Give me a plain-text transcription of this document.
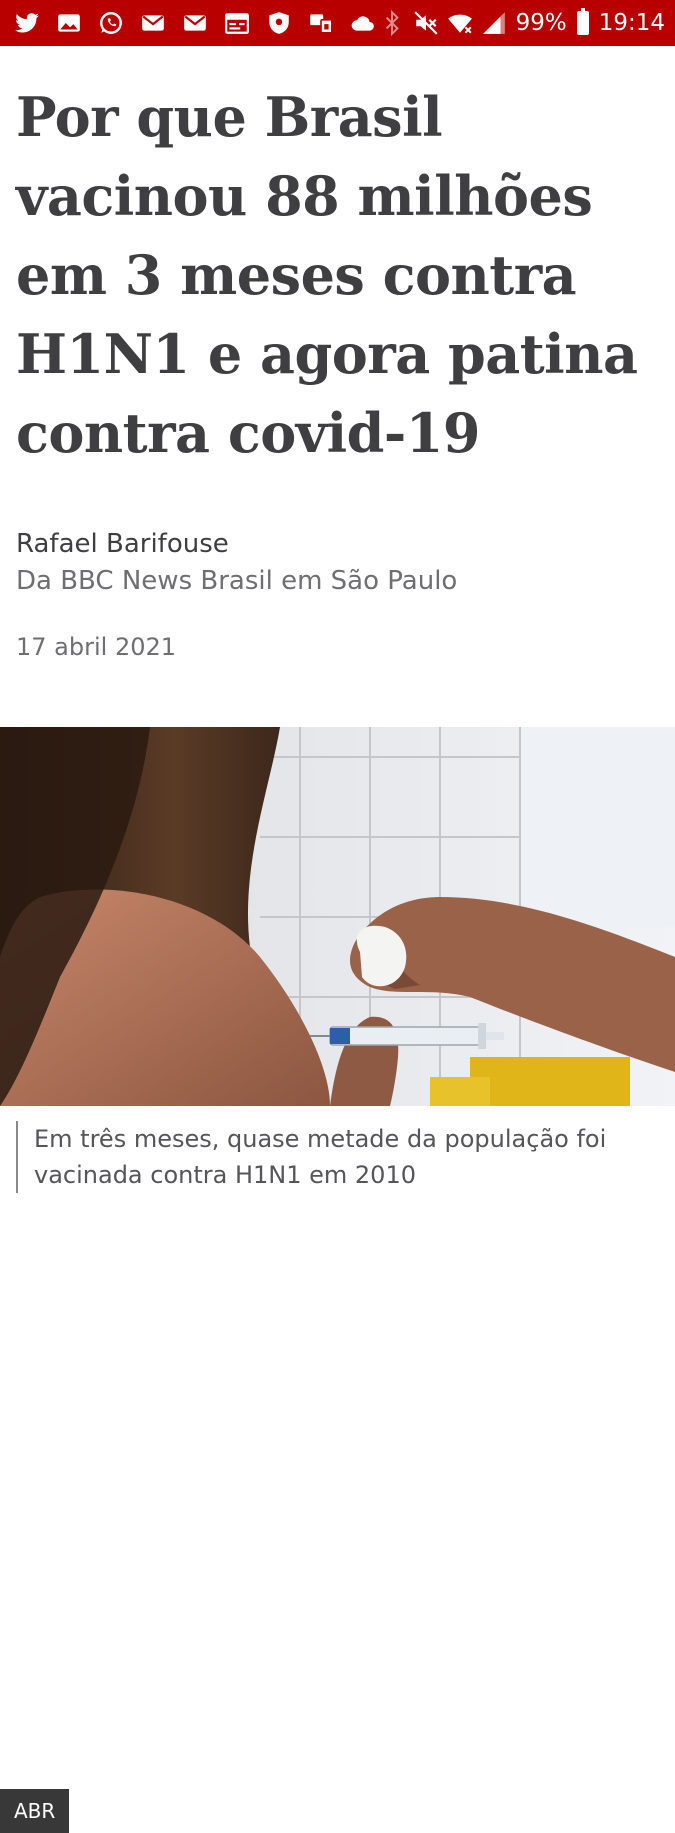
99% 19:14
Por que Brasil vacinou 88 milhões em 3 meses contra H1N1 e agora patina contra covid-19
Rafael Barifouse
Da BBC News Brasil em São Paulo
17 abril 2021
ABR
Em três meses, quase metade da população foi vacinada contra H1N1 em 2010
